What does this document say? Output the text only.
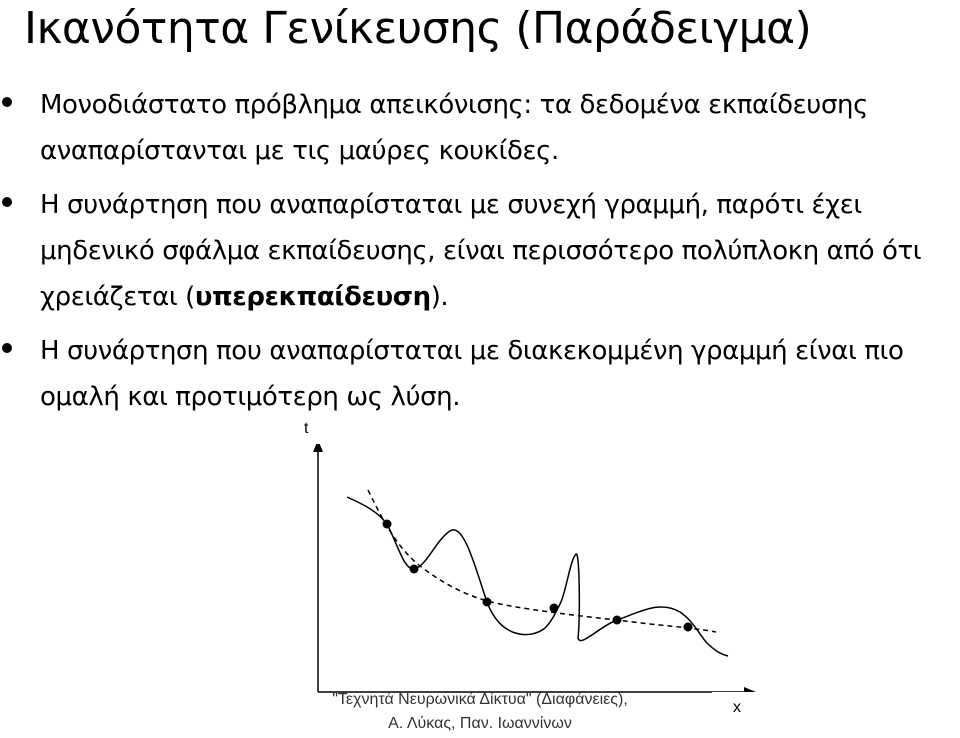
Ικανότητα Γενίκευσης (Παράδειγμα)
Μονοδιάστατο πρόβλημα απεικόνισης: τα δεδομένα εκπαίδευσης αναπαρίστανται με τις μαύρες κουκίδες.
Η συνάρτηση που αναπαρίσταται με συνεχή γραμμή, παρότι έχει μηδενικό σφάλμα εκπαίδευσης, είναι περισσότερο πολύπλοκη από ότι χρειάζεται (υπερεκπαίδευση).
Η συνάρτηση που αναπαρίσταται με διακεκομμένη γραμμή είναι πιο ομαλή και προτιμότερη ως λύση.
t
x
"Τεχνητά Νευρωνικά Δίκτυα" (Διαφάνειες),
Α. Λύκας, Παν. Ιωαννίνων
